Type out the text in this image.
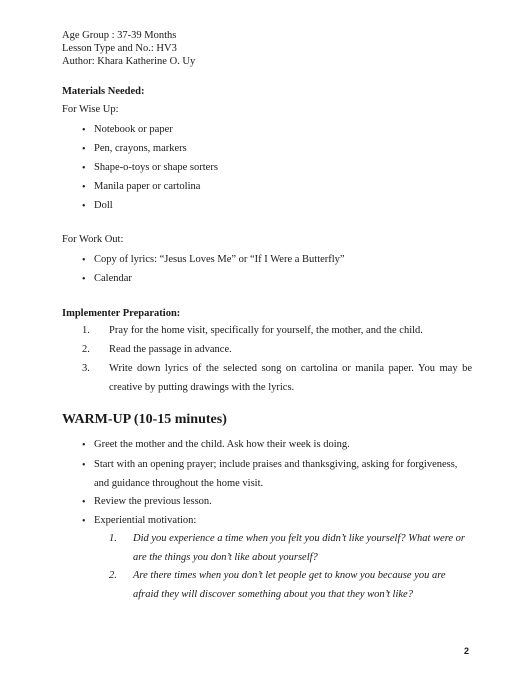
Age Group : 37-39 Months
Lesson Type and No.: HV3
Author: Khara Katherine O. Uy
Materials Needed:
For Wise Up:
• Notebook or paper
• Pen, crayons, markers
• Shape-o-toys or shape sorters
• Manila paper or cartolina
• Doll
For Work Out:
• Copy of lyrics: “Jesus Loves Me” or “If I Were a Butterfly”
• Calendar
Implementer Preparation:
1. Pray for the home visit, specifically for yourself, the mother, and the child.
2. Read the passage in advance.
3. Write down lyrics of the selected song on cartolina or manila paper. You may be creative by putting drawings with the lyrics.
WARM-UP (10-15 minutes)
• Greet the mother and the child. Ask how their week is doing.
• Start with an opening prayer; include praises and thanksgiving, asking for forgiveness, and guidance throughout the home visit.
• Review the previous lesson.
• Experiential motivation:
1. Did you experience a time when you felt you didn’t like yourself? What were or are the things you don’t like about yourself?
2. Are there times when you don’t let people get to know you because you are afraid they will discover something about you that they won’t like?
2
